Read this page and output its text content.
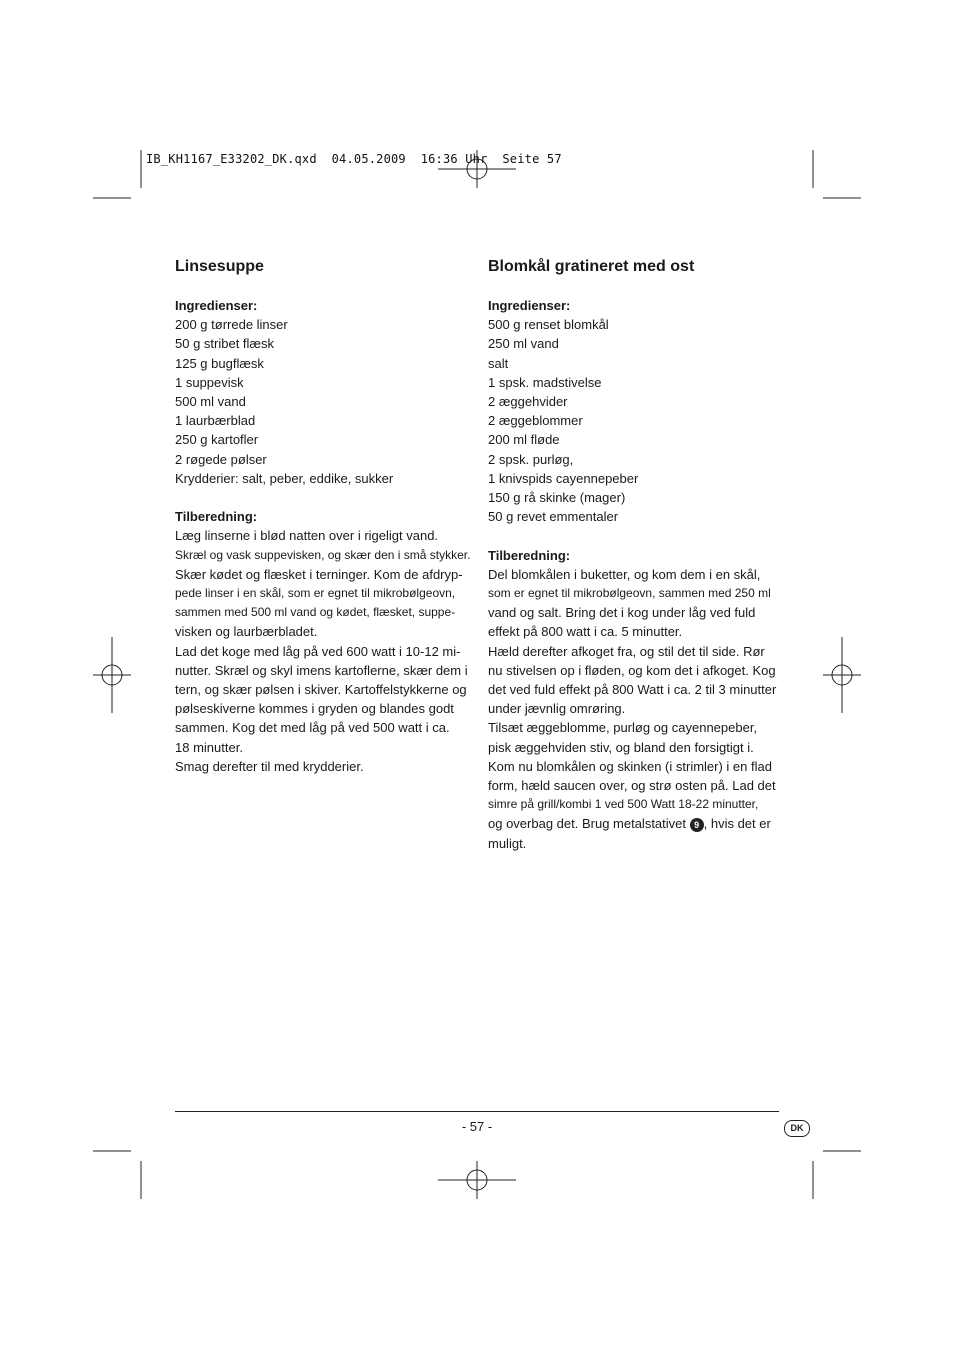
IB_KH1167_E33202_DK.qxd  04.05.2009  16:36 Uhr  Seite 57
Linsesuppe
Ingredienser:
200 g tørrede linser
50 g stribet flæsk
125 g bugflæsk
1 suppevisk
500 ml vand
1 laurbærblad
250 g kartofler
2 røgede pølser
Krydderier: salt, peber, eddike, sukker
Tilberedning:
Læg linserne i blød natten over i rigeligt vand.
Skræl og vask suppevisken, og skær den i små stykker.
Skær kødet og flæsket i terninger. Kom de afdryp-
pede linser i en skål, som er egnet til mikrobølgeovn,
sammen med 500 ml vand og kødet, flæsket, suppe-
visken og laurbærbladet.
Lad det koge med låg på ved 600 watt i 10-12 mi-
nutter. Skræl og skyl imens kartoflerne, skær dem i
tern, og skær pølsen i skiver. Kartoffelstykkerne og
pølseskiverne kommes i gryden og blandes godt
sammen. Kog det med låg på ved 500 watt i ca.
18 minutter.
Smag derefter til med krydderier.
Blomkål gratineret med ost
Ingredienser:
500 g renset blomkål
250 ml vand
salt
1 spsk. madstivelse
2 æggehvider
2 æggeblommer
200 ml fløde
2 spsk. purløg,
1 knivspids cayennepeber
150 g rå skinke (mager)
50 g revet emmentaler
Tilberedning:
Del blomkålen i buketter, og kom dem i en skål,
som er egnet til mikrobølgeovn, sammen med 250 ml
vand og salt. Bring det i kog under låg ved fuld
effekt på 800 watt i ca. 5 minutter.
Hæld derefter afkoget fra, og stil det til side. Rør
nu stivelsen op i fløden, og kom det i afkoget. Kog
det ved fuld effekt på 800 Watt i ca. 2 til 3 minutter
under jævnlig omrøring.
Tilsæt æggeblomme, purløg og cayennepeber,
pisk æggehviden stiv, og bland den forsigtigt i.
Kom nu blomkålen og skinken (i strimler) i en flad
form, hæld saucen over, og strø osten på. Lad det
simre på grill/kombi 1 ved 500 Watt 18-22 minutter,
og overbag det. Brug metalstativet 9 , hvis det er
muligt.
- 57 -	DK
